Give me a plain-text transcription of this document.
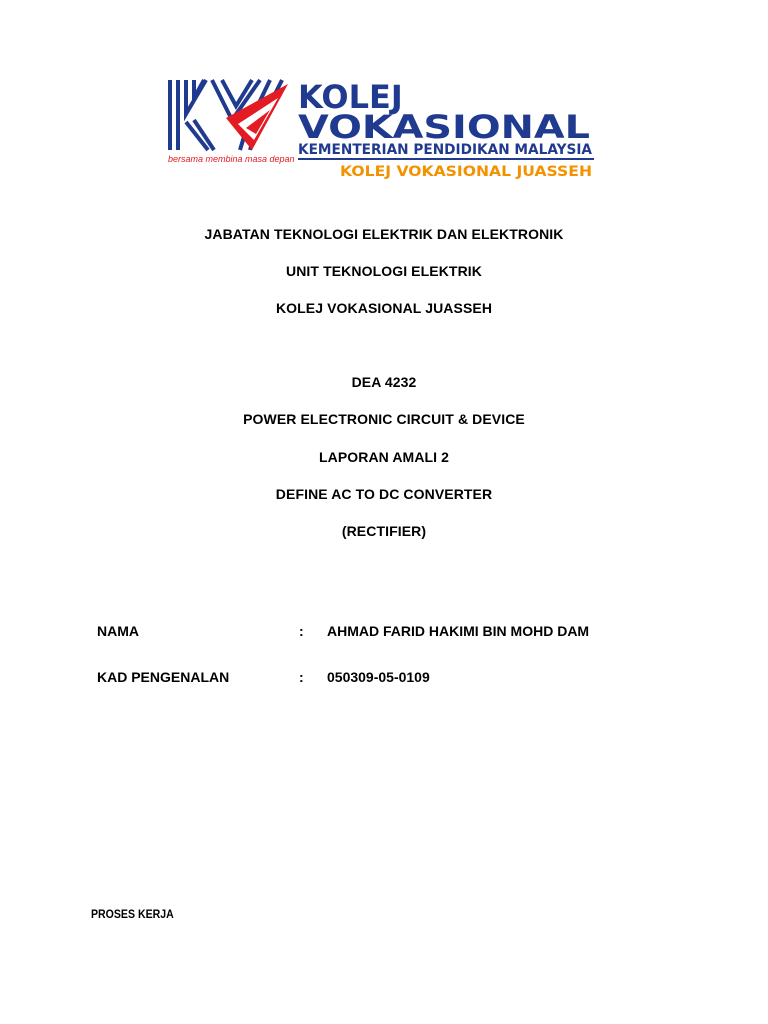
bersama membina masa depan
KOLEJ
VOKASIONAL
KEMENTERIAN PENDIDIKAN MALAYSIA
KOLEJ VOKASIONAL JUASSEH
JABATAN TEKNOLOGI ELEKTRIK DAN ELEKTRONIK
UNIT TEKNOLOGI ELEKTRIK
KOLEJ VOKASIONAL JUASSEH
DEA 4232
POWER ELECTRONIC CIRCUIT & DEVICE
LAPORAN AMALI 2
DEFINE AC TO DC CONVERTER
(RECTIFIER)
NAMA	: AHMAD FARID HAKIMI BIN MOHD DAM
KAD PENGENALAN	: 050309-05-0109
PROSES KERJA
